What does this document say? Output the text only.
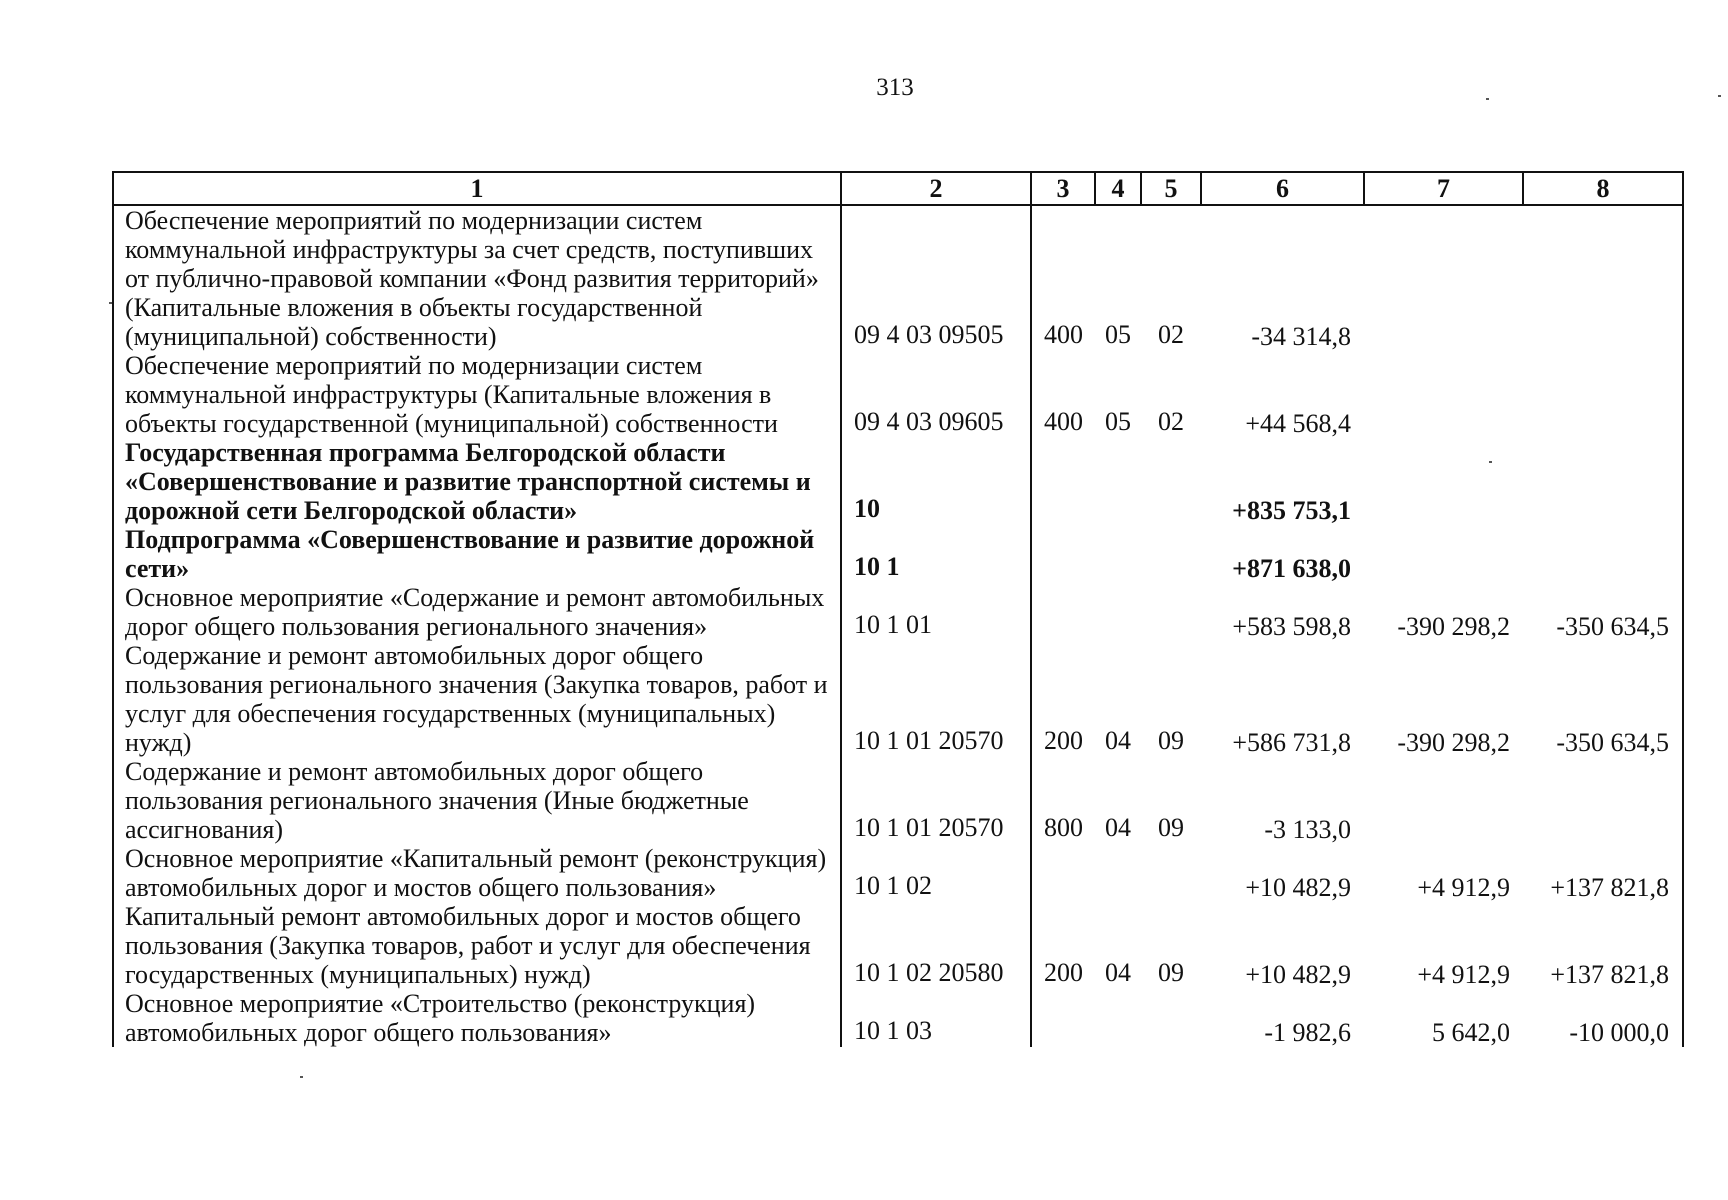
313
1	2	3	4	5	6	7	8
Обеспечение мероприятий по модернизации систем коммунальной инфраструктуры за счет средств, поступивших от публично-правовой компании «Фонд развития территорий» (Капитальные вложения в объекты государственной (муниципальной) собственности)	09 4 03 09505	400	05	02	-34 314,8		
Обеспечение мероприятий по модернизации систем коммунальной инфраструктуры (Капитальные вложения в объекты государственной (муниципальной) собственности	09 4 03 09605	400	05	02	+44 568,4		
Государственная программа Белгородской области «Совершенствование и развитие транспортной системы и дорожной сети Белгородской области»	10				+835 753,1		
Подпрограмма «Совершенствование и развитие дорожной сети»	10 1				+871 638,0		
Основное мероприятие «Содержание и ремонт автомобильных дорог общего пользования регионального значения»	10 1 01				+583 598,8	-390 298,2	-350 634,5
Содержание и ремонт автомобильных дорог общего пользования регионального значения (Закупка товаров, работ и услуг для обеспечения государственных (муниципальных) нужд)	10 1 01 20570	200	04	09	+586 731,8	-390 298,2	-350 634,5
Содержание и ремонт автомобильных дорог общего пользования регионального значения (Иные бюджетные ассигнования)	10 1 01 20570	800	04	09	-3 133,0		
Основное мероприятие «Капитальный ремонт (реконструкция) автомобильных дорог и мостов общего пользования»	10 1 02				+10 482,9	+4 912,9	+137 821,8
Капитальный ремонт автомобильных дорог и мостов общего пользования (Закупка товаров, работ и услуг для обеспечения государственных (муниципальных) нужд)	10 1 02 20580	200	04	09	+10 482,9	+4 912,9	+137 821,8
Основное мероприятие «Строительство (реконструкция) автомобильных дорог общего пользования»	10 1 03				-1 982,6	5 642,0	-10 000,0
